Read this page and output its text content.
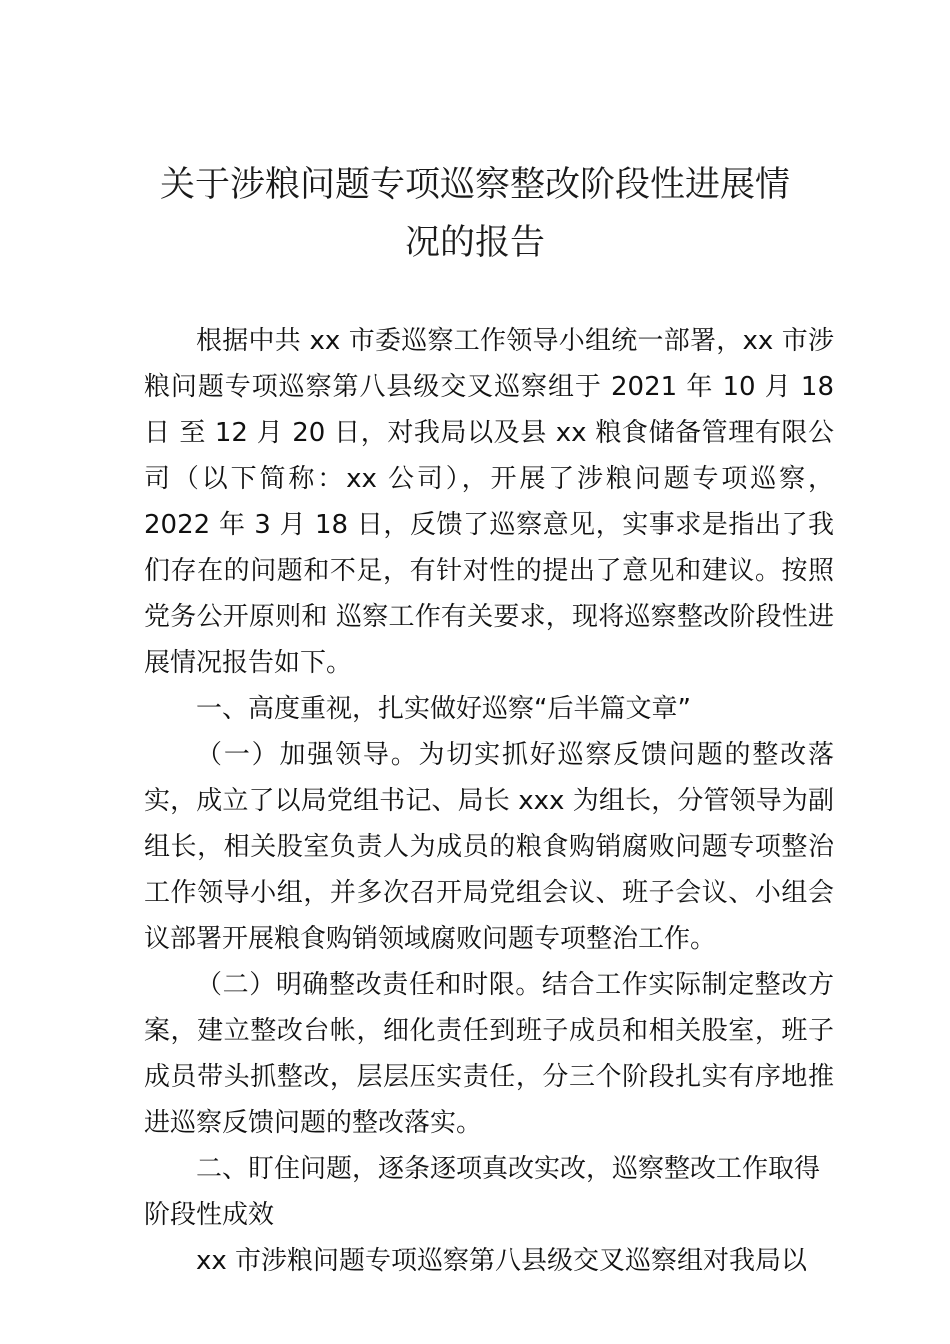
关于涉粮问题专项巡察整改阶段性进展情
况的报告

根据中共 xx 市委巡察工作领导小组统一部署，xx 市涉粮问题专项巡察第八县级交叉巡察组于 2021 年 10 月 18 日 至 12 月 20 日，对我局以及县 xx 粮食储备管理有限公司（以下简称：xx 公司），开展了涉粮问题专项巡察，2022 年 3 月 18 日，反馈了巡察意见，实事求是指出了我们存在的问题和不足，有针对性的提出了意见和建议。按照党务公开原则和 巡察工作有关要求，现将巡察整改阶段性进展情况报告如下。

一、高度重视，扎实做好巡察“后半篇文章”

（一）加强领导。为切实抓好巡察反馈问题的整改落实，成立了以局党组书记、局长 xxx 为组长，分管领导为副组长，相关股室负责人为成员的粮食购销腐败问题专项整治工作领导小组，并多次召开局党组会议、班子会议、小组会议部署开展粮食购销领域腐败问题专项整治工作。

（二）明确整改责任和时限。结合工作实际制定整改方案，建立整改台帐，细化责任到班子成员和相关股室，班子成员带头抓整改，层层压实责任，分三个阶段扎实有序地推进巡察反馈问题的整改落实。

二、盯住问题，逐条逐项真改实改，巡察整改工作取得阶段性成效

xx 市涉粮问题专项巡察第八县级交叉巡察组对我局以
